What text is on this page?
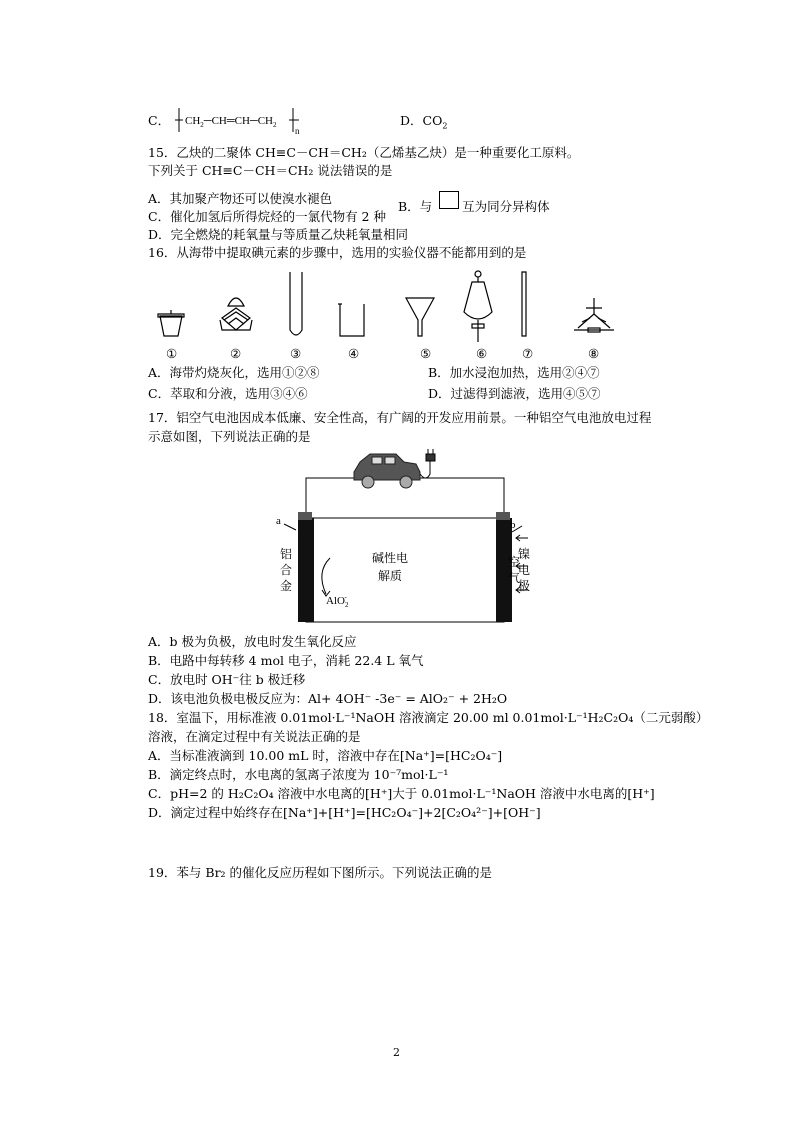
C． $CH_2─CH═CH─CH_2$
n
D．$CO_2$
15．乙炔的二聚体 CH≡C－CH＝CH₂（乙烯基乙炔）是一种重要化工原料。
下列关于 CH≡C－CH＝CH₂ 说法错误的是
A．其加聚产物还可以使溴水褪色
B．与 互为同分异构体
C．催化加氢后所得烷烃的一氯代物有 2 种
D．完全燃烧的耗氧量与等质量乙炔耗氧量相同
16．从海带中提取碘元素的步骤中，选用的实验仪器不能都用到的是
①	②	③	④	⑤	⑥	⑦	⑧
A．海带灼烧灰化，选用①②⑧	B．加水浸泡加热，选用②④⑦
C．萃取和分液，选用③④⑥	D．过滤得到滤液，选用④⑤⑦
17．铝空气电池因成本低廉、安全性高，有广阔的开发应用前景。一种铝空气电池放电过程
示意如图，下列说法正确的是
a	b
铝
合
金
镍
电
极
碱性电
解质
空
气
AlO$_2$-
A．b 极为负极，放电时发生氧化反应
B．电路中每转移 4 mol 电子，消耗 22.4 L 氧气
C．放电时 OH⁻往 b 极迁移
D．该电池负极电极反应为：Al+ 4OH⁻ -3e⁻ = AlO₂⁻ + 2H₂O
18．室温下，用标准液 0.01mol·L⁻¹NaOH 溶液滴定 20.00 ml 0.01mol·L⁻¹H₂C₂O₄（二元弱酸）
溶液，在滴定过程中有关说法正确的是
A．当标准液滴到 10.00 mL 时，溶液中存在[Na⁺]=[HC₂O₄⁻]
B．滴定终点时，水电离的氢离子浓度为 10⁻⁷mol·L⁻¹
C．pH=2 的 H₂C₂O₄ 溶液中水电离的[H⁺]大于 0.01mol·L⁻¹NaOH 溶液中水电离的[H⁺]
D．滴定过程中始终存在[Na⁺]+[H⁺]=[HC₂O₄⁻]+2[C₂O₄²⁻]+[OH⁻]
19．苯与 Br₂ 的催化反应历程如下图所示。下列说法正确的是
2
